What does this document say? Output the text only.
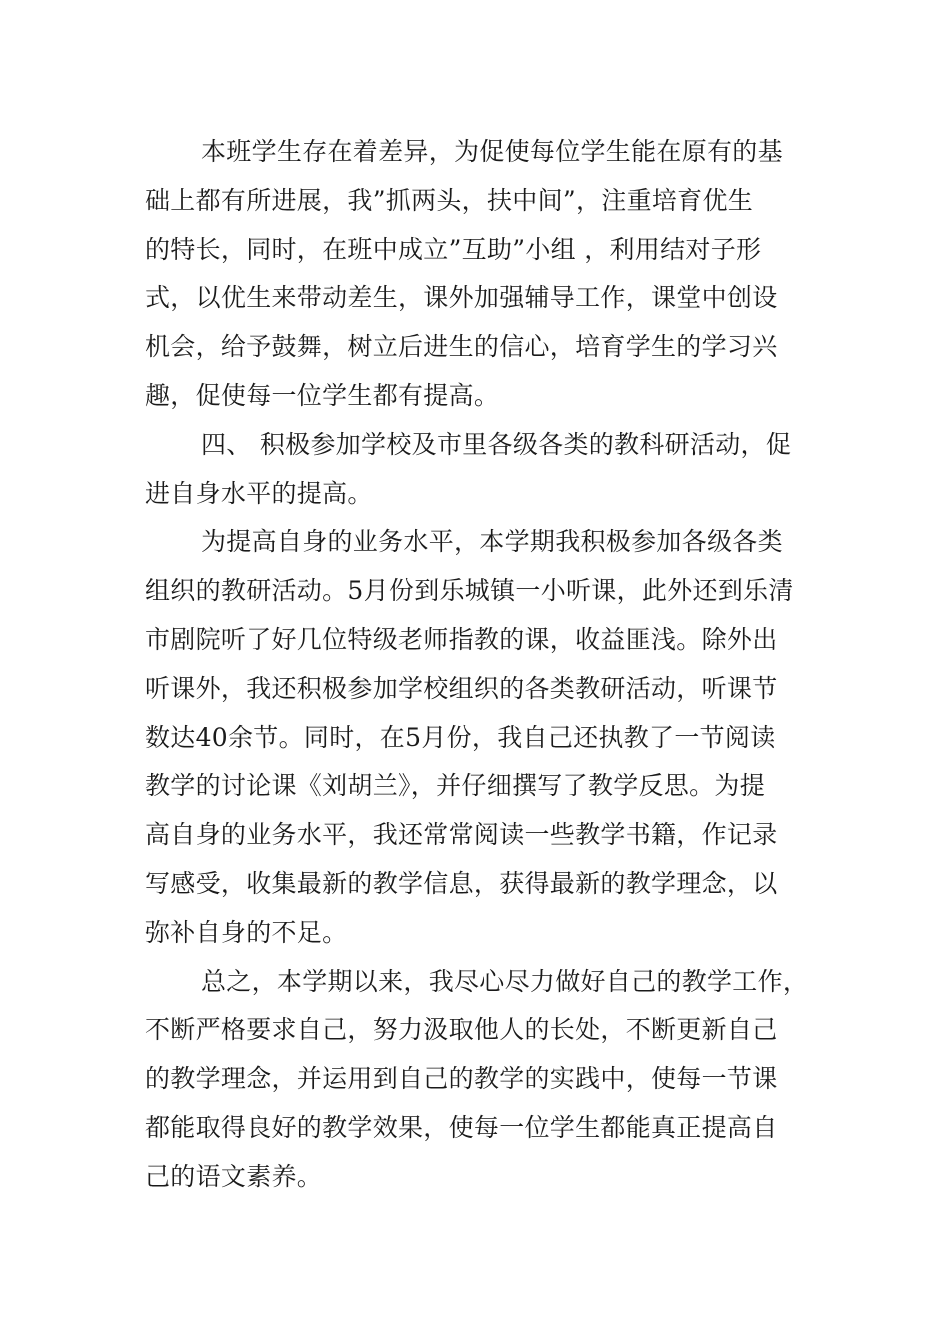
本班学生存在着差异，为促使每位学生能在原有的基
础上都有所进展，我”抓两头，扶中间”，注重培育优生
的特长，同时，在班中成立”互助”小组 ，利用结对子形
式，以优生来带动差生，课外加强辅导工作，课堂中创设
机会，给予鼓舞，树立后进生的信心，培育学生的学习兴
趣，促使每一位学生都有提高。
四、 积极参加学校及市里各级各类的教科研活动，促
进自身水平的提高。
为提高自身的业务水平，本学期我积极参加各级各类
组织的教研活动。5月份到乐城镇一小听课，此外还到乐清
市剧院听了好几位特级老师指教的课，收益匪浅。除外出
听课外，我还积极参加学校组织的各类教研活动，听课节
数达40余节。同时，在5月份，我自己还执教了一节阅读
教学的讨论课《刘胡兰》，并仔细撰写了教学反思。为提
高自身的业务水平，我还常常阅读一些教学书籍，作记录
写感受，收集最新的教学信息，获得最新的教学理念，以
弥补自身的不足。
总之，本学期以来，我尽心尽力做好自己的教学工作，
不断严格要求自己，努力汲取他人的长处，不断更新自己
的教学理念，并运用到自己的教学的实践中，使每一节课
都能取得良好的教学效果，使每一位学生都能真正提高自
己的语文素养。
